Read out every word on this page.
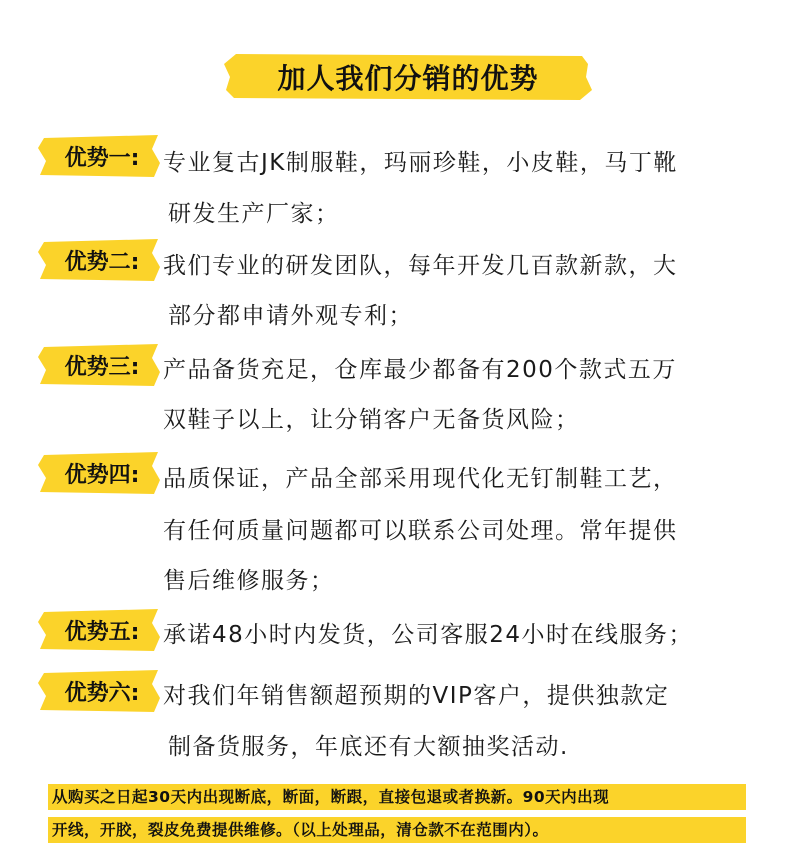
加人我们分销的优势
优势一:	专业复古JK制服鞋，玛丽珍鞋，小皮鞋，马丁靴
研发生产厂家；
优势二:	我们专业的研发团队，每年开发几百款新款，大
部分都申请外观专利；
优势三:	产品备货充足，仓库最少都备有200个款式五万
双鞋子以上，让分销客户无备货风险；
优势四:	品质保证，产品全部采用现代化无钉制鞋工艺，
有任何质量问题都可以联系公司处理。常年提供
售后维修服务；
优势五:	承诺48小时内发货，公司客服24小时在线服务；
优势六:	对我们年销售额超预期的VIP客户，提供独款定
制备货服务，年底还有大额抽奖活动.
从购买之日起30天内出现断底，断面，断跟，直接包退或者换新。90天内出现
开线，开胶，裂皮免费提供维修。（以上处理品，清仓款不在范围内）。
